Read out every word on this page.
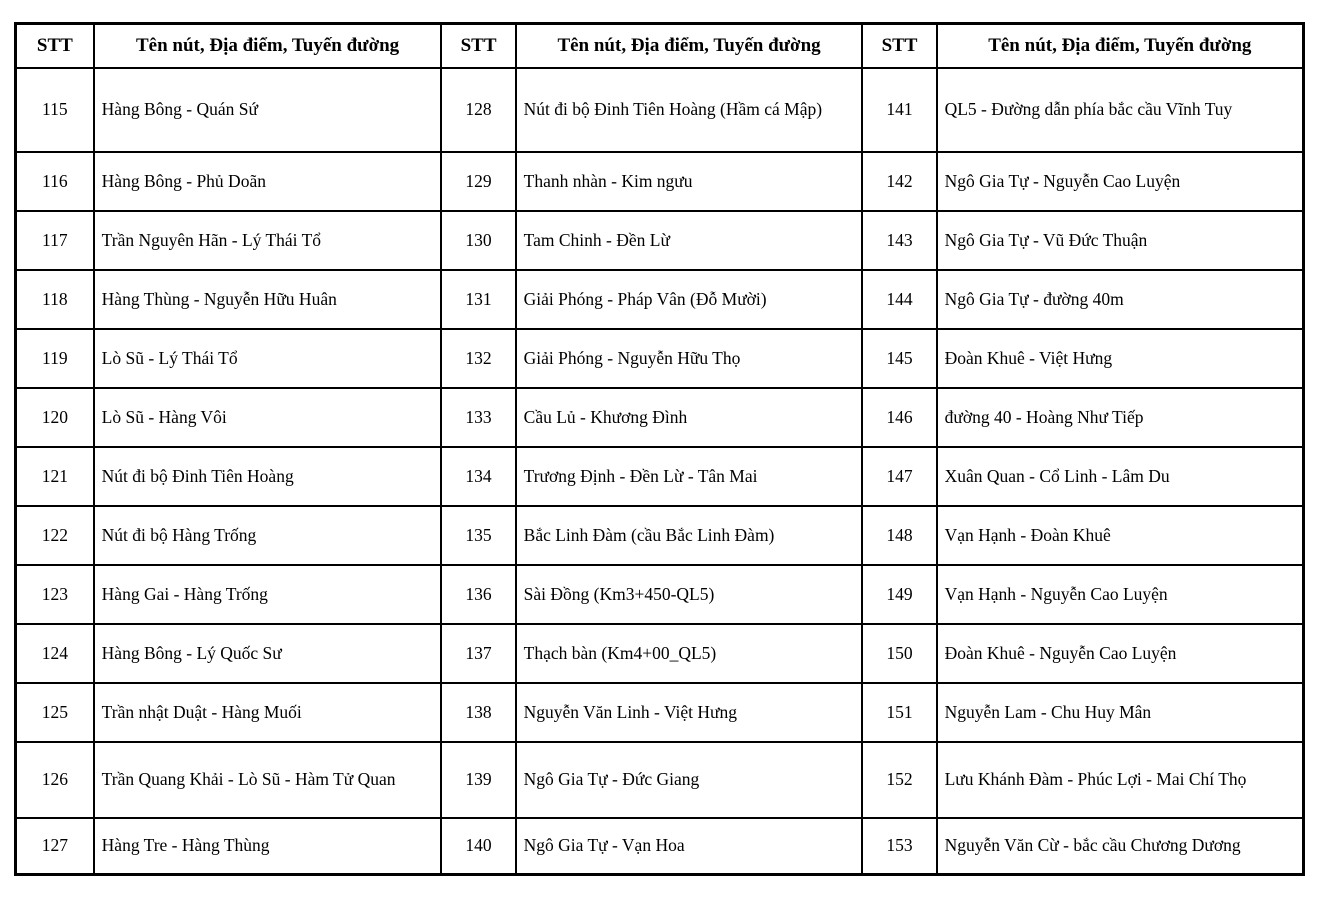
STT	Tên nút, Địa điểm, Tuyến đường	STT	Tên nút, Địa điểm, Tuyến đường	STT	Tên nút, Địa điểm, Tuyến đường
115	Hàng Bông - Quán Sứ	128	Nút đi bộ Đinh Tiên Hoàng (Hầm cá Mập)	141	QL5 - Đường dẫn phía bắc cầu Vĩnh Tuy
116	Hàng Bông - Phủ Doãn	129	Thanh nhàn - Kim ngưu	142	Ngô Gia Tự - Nguyễn Cao Luyện
117	Trần Nguyên Hãn - Lý Thái Tổ	130	Tam Chinh - Đền Lừ	143	Ngô Gia Tự - Vũ Đức Thuận
118	Hàng Thùng - Nguyễn Hữu Huân	131	Giải Phóng - Pháp Vân (Đỗ Mười)	144	Ngô Gia Tự - đường 40m
119	Lò Sũ - Lý Thái Tổ	132	Giải Phóng - Nguyễn Hữu Thọ	145	Đoàn Khuê - Việt Hưng
120	Lò Sũ - Hàng Vôi	133	Cầu Lủ - Khương Đình	146	đường 40 - Hoàng Như Tiếp
121	Nút đi bộ Đinh Tiên Hoàng	134	Trương Định - Đền Lừ - Tân Mai	147	Xuân Quan - Cổ Linh - Lâm Du
122	Nút đi bộ Hàng Trống	135	Bắc Linh Đàm (cầu Bắc Linh Đàm)	148	Vạn Hạnh - Đoàn Khuê
123	Hàng Gai - Hàng Trống	136	Sài Đồng (Km3+450-QL5)	149	Vạn Hạnh - Nguyễn Cao Luyện
124	Hàng Bông - Lý Quốc Sư	137	Thạch bàn (Km4+00_QL5)	150	Đoàn Khuê - Nguyễn Cao Luyện
125	Trần nhật Duật - Hàng Muối	138	Nguyễn Văn Linh - Việt Hưng	151	Nguyễn Lam - Chu Huy Mân
126	Trần Quang Khải - Lò Sũ - Hàm Tử Quan	139	Ngô Gia Tự - Đức Giang	152	Lưu Khánh Đàm - Phúc Lợi - Mai Chí Thọ
127	Hàng Tre - Hàng Thùng	140	Ngô Gia Tự - Vạn Hoa	153	Nguyễn Văn Cừ - bắc cầu Chương Dương
